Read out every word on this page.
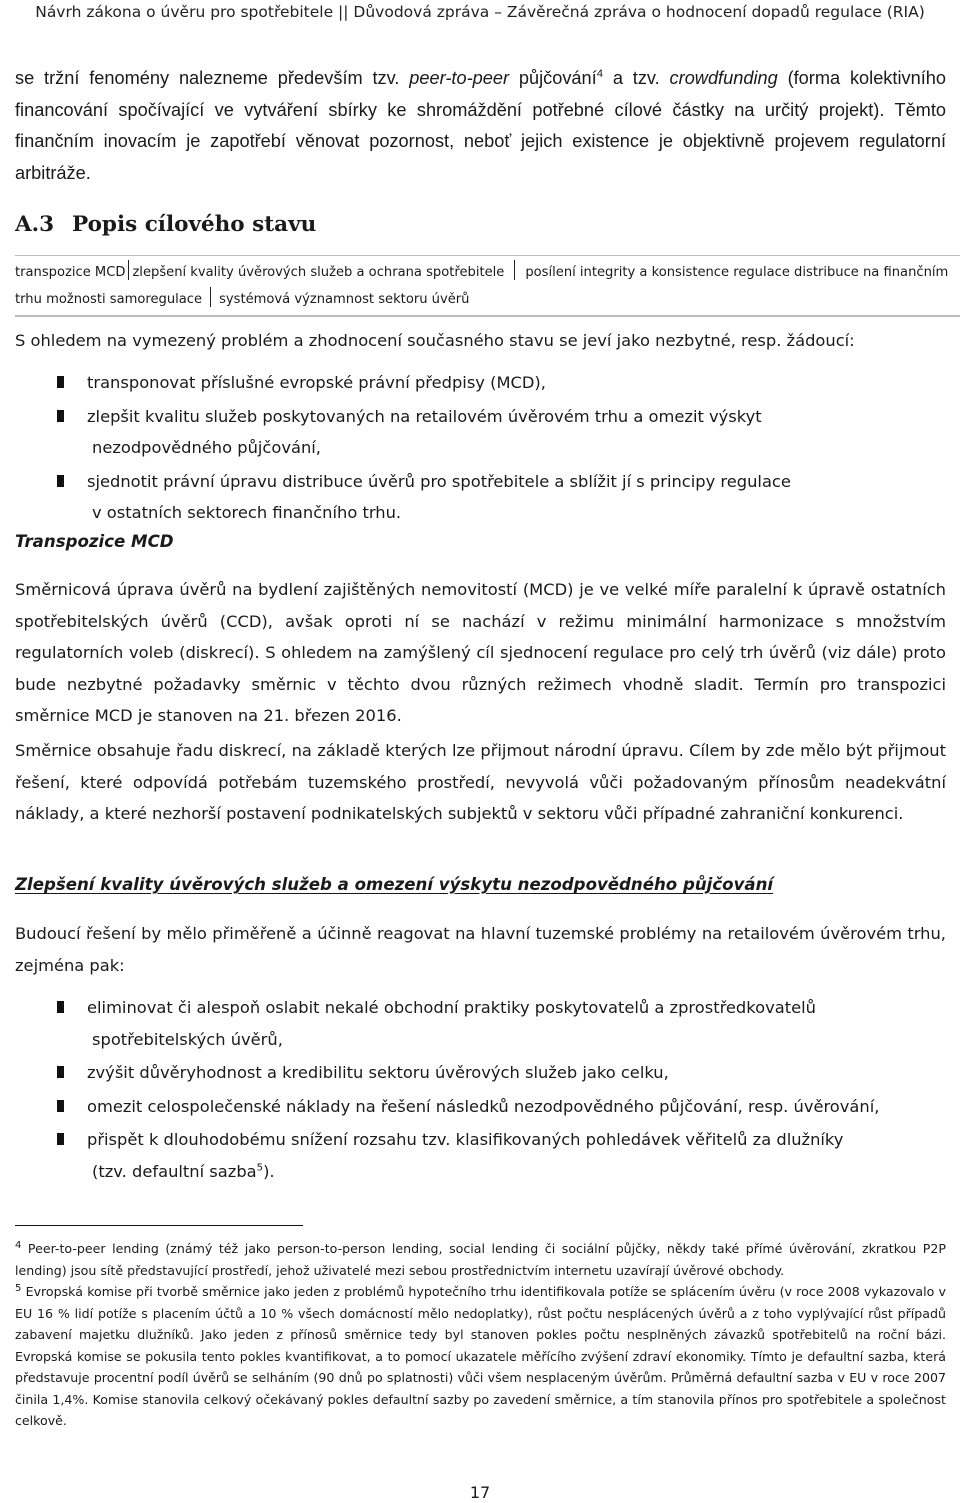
Návrh zákona o úvěru pro spotřebitele || Důvodová zpráva – Závěrečná zpráva o hodnocení dopadů regulace (RIA)
se tržní fenomény nalezneme především tzv. peer-to-peer půjčování$^4$ a tzv. crowdfunding (forma kolektivního financování spočívající ve vytváření sbírky ke shromáždění potřebné cílové částky na určitý projekt). Těmto finančním inovacím je zapotřebí věnovat pozornost, neboť jejich existence je objektivně projevem regulatorní arbitráže.
A.3 Popis cílového stavu
transpozice MCD zlepšení kvality úvěrových služeb a ochrana spotřebitele posílení integrity a konsistence regulace distribuce na finančním trhu možnosti samoregulace systémová významnost sektoru úvěrů

S ohledem na vymezený problém a zhodnocení současného stavu se jeví jako nezbytné, resp. žádoucí:

transponovat příslušné evropské právní předpisy (MCD),
zlepšit kvalitu služeb poskytovaných na retailovém úvěrovém trhu a omezit výskyt
nezodpovědného půjčování,
sjednotit právní úpravu distribuce úvěrů pro spotřebitele a sblížit jí s principy regulace
v ostatních sektorech finančního trhu.
Transpozice MCD

Směrnicová úprava úvěrů na bydlení zajištěných nemovitostí (MCD) je ve velké míře paralelní k úpravě ostatních spotřebitelských úvěrů (CCD), avšak oproti ní se nachází v režimu minimální harmonizace s množstvím regulatorních voleb (diskrecí). S ohledem na zamýšlený cíl sjednocení regulace pro celý trh úvěrů (viz dále) proto bude nezbytné požadavky směrnic v těchto dvou různých režimech vhodně sladit. Termín pro transpozici směrnice MCD je stanoven na 21. březen 2016.

Směrnice obsahuje řadu diskrecí, na základě kterých lze přijmout národní úpravu. Cílem by zde mělo být přijmout řešení, které odpovídá potřebám tuzemského prostředí, nevyvolá vůči požadovaným přínosům neadekvátní náklady, a které nezhorší postavení podnikatelských subjektů v sektoru vůči případné zahraniční konkurenci.

Zlepšení kvality úvěrových služeb a omezení výskytu nezodpovědného půjčování

Budoucí řešení by mělo přiměřeně a účinně reagovat na hlavní tuzemské problémy na retailovém úvěrovém trhu, zejména pak:

eliminovat či alespoň oslabit nekalé obchodní praktiky poskytovatelů a zprostředkovatelů
spotřebitelských úvěrů,
zvýšit důvěryhodnost a kredibilitu sektoru úvěrových služeb jako celku,
omezit celospolečenské náklady na řešení následků nezodpovědného půjčování, resp. úvěrování,
přispět k dlouhodobému snížení rozsahu tzv. klasifikovaných pohledávek věřitelů za dlužníky
(tzv. defaultní sazba$^5$).

$^4$ Peer-to-peer lending (známý též jako person-to-person lending, social lending či sociální půjčky, někdy také přímé úvěrování, zkratkou P2P lending) jsou sítě představující prostředí, jehož uživatelé mezi sebou prostřednictvím internetu uzavírají úvěrové obchody.

$^5$ Evropská komise při tvorbě směrnice jako jeden z problémů hypotečního trhu identifikovala potíže se splácením úvěru (v roce 2008 vykazovalo v EU 16 % lidí potíže s placením účtů a 10 % všech domácností mělo nedoplatky), růst počtu nesplácených úvěrů a z toho vyplývající růst případů zabavení majetku dlužníků. Jako jeden z přínosů směrnice tedy byl stanoven pokles počtu nesplněných závazků spotřebitelů na roční bázi. Evropská komise se pokusila tento pokles kvantifikovat, a to pomocí ukazatele měřícího zvýšení zdraví ekonomiky. Tímto je defaultní sazba, která představuje procentní podíl úvěrů se selháním (90 dnů po splatnosti) vůči všem nesplaceným úvěrům. Průměrná defaultní sazba v EU v roce 2007 činila 1,4%. Komise stanovila celkový očekávaný pokles defaultní sazby po zavedení směrnice, a tím stanovila přínos pro spotřebitele a společnost celkově.

17
